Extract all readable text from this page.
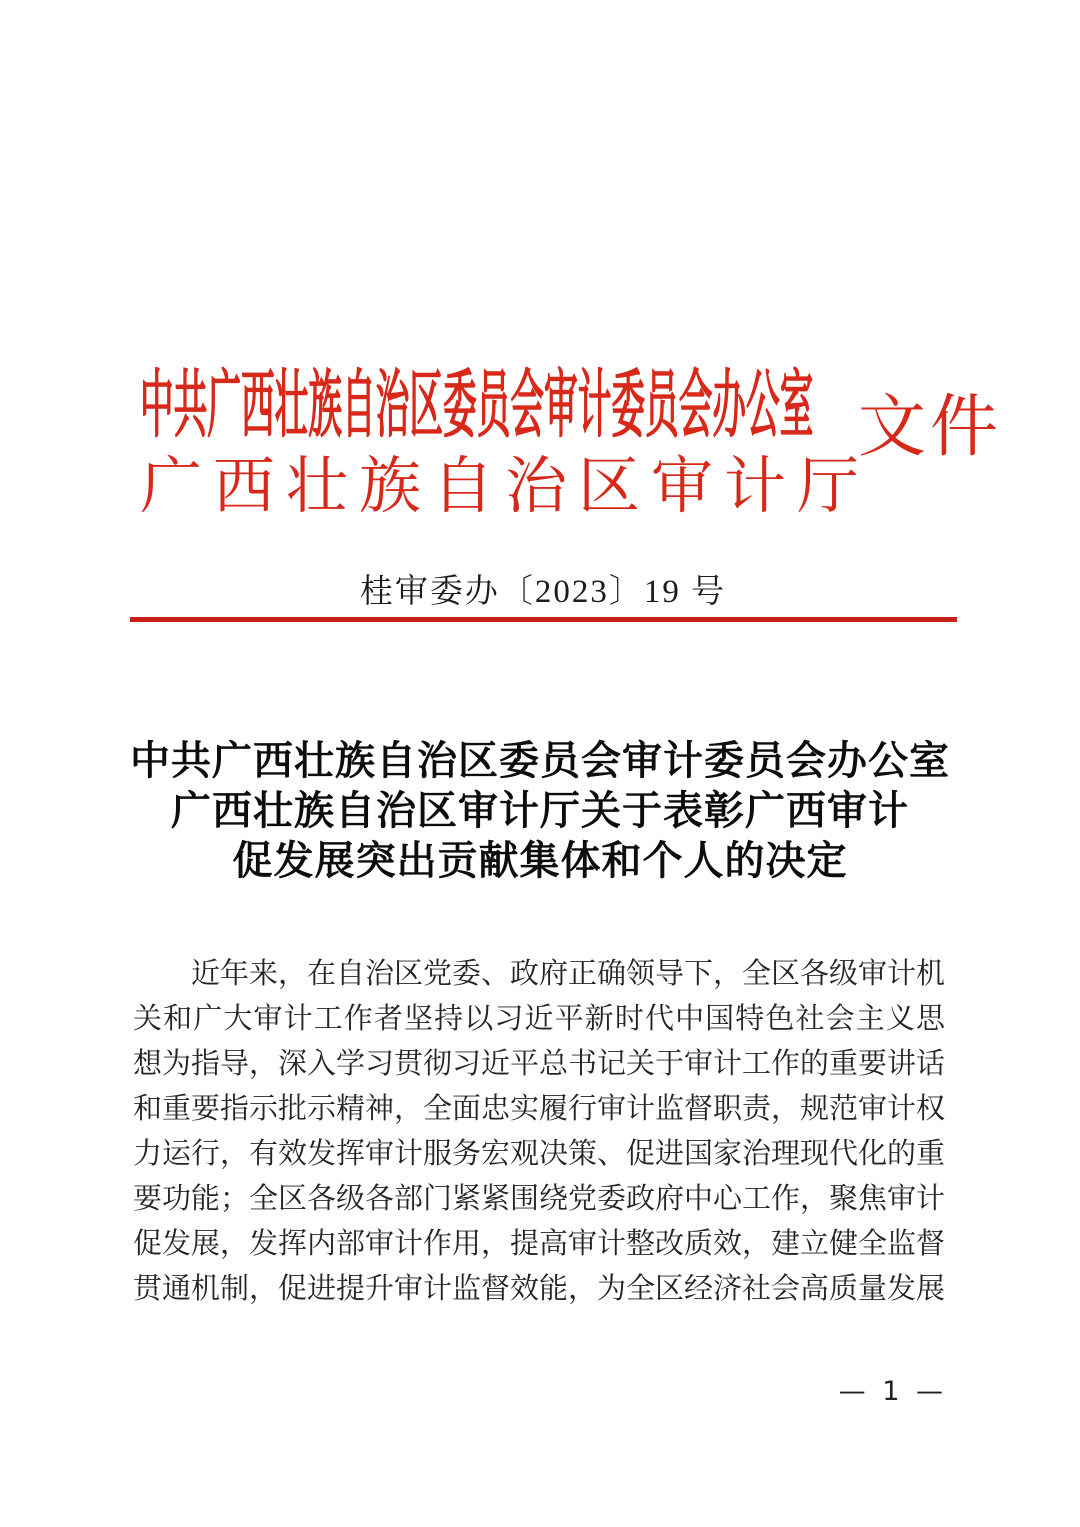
中共广西壮族自治区委员会审计委员会办公室
广西壮族自治区审计厅
文件
桂审委办〔2023〕19 号
中共广西壮族自治区委员会审计委员会办公室
广西壮族自治区审计厅关于表彰广西审计
促发展突出贡献集体和个人的决定
近年来，在自治区党委、政府正确领导下，全区各级审计机
关和广大审计工作者坚持以习近平新时代中国特色社会主义思
想为指导，深入学习贯彻习近平总书记关于审计工作的重要讲话
和重要指示批示精神，全面忠实履行审计监督职责，规范审计权
力运行，有效发挥审计服务宏观决策、促进国家治理现代化的重
要功能；全区各级各部门紧紧围绕党委政府中心工作，聚焦审计
促发展，发挥内部审计作用，提高审计整改质效，建立健全监督
贯通机制，促进提升审计监督效能，为全区经济社会高质量发展
— 1 —
